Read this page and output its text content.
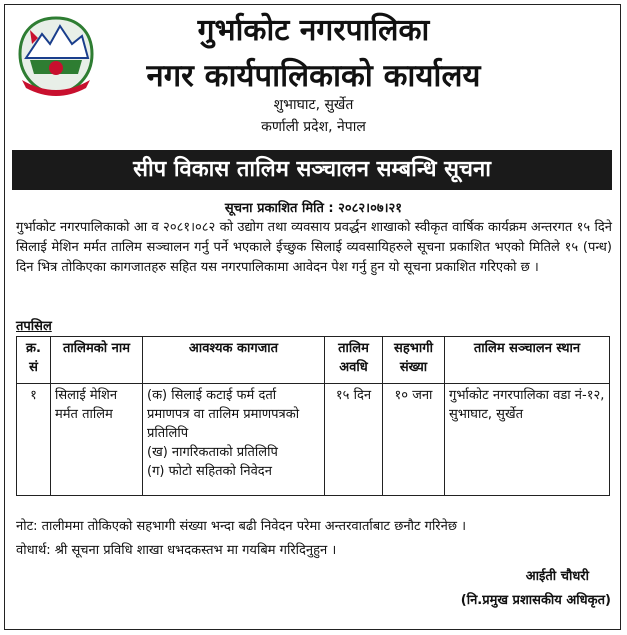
गुर्भाकोट नगरपालिका
नगर कार्यपालिकाको कार्यालय
शुभाघाट, सुर्खेत
कर्णाली प्रदेश, नेपाल
सीप विकास तालिम सञ्चालन सम्बन्धि सूचना
सूचना प्रकाशित मिति : २०८२।०७।२१
गुर्भाकोट नगरपालिकाको आ व २०८१।०८२ को उद्योग तथा व्यवसाय प्रवर्द्धन शाखाको स्वीकृत वार्षिक कार्यक्रम अन्तरगत १५ दिने सिलाई मेशिन मर्मत तालिम सञ्चालन गर्नु पर्ने भएकाले ईच्छुक सिलाई व्यवसायिहरुले सूचना प्रकाशित भएको मितिले १५ (पन्ध) दिन भित्र तोकिएका कागजातहरु सहित यस नगरपालिकामा आवेदन पेश गर्नु हुन यो सूचना प्रकाशित गरिएको छ ।
तपसिल
क्र. सं	तालिमको नाम	आवश्यक कागजात	तालिम अवधि	सहभागी संख्या	तालिम सञ्चालन स्थान
१	सिलाई मेशिन मर्मत तालिम	(क) सिलाई कटाई फर्म दर्ता प्रमाणपत्र वा तालिम प्रमाणपत्रको प्रतिलिपि
(ख) नागरिकताको प्रतिलिपि
(ग) फोटो सहितको निवेदन	१५ दिन	१० जना	गुर्भाकोट नगरपालिका वडा नं-१२, सुभाघाट, सुर्खेत
नोट: तालीममा तोकिएको सहभागी संख्या भन्दा बढी निवेदन परेमा अन्तरवार्ताबाट छनौट गरिनेछ ।
वोधार्थ: श्री सूचना प्रविधि शाखा धभदकस्तभ मा गयबिम गरिदिनुहुन ।
आईती चौधरी
(नि.प्रमुख प्रशासकीय अधिकृत)
